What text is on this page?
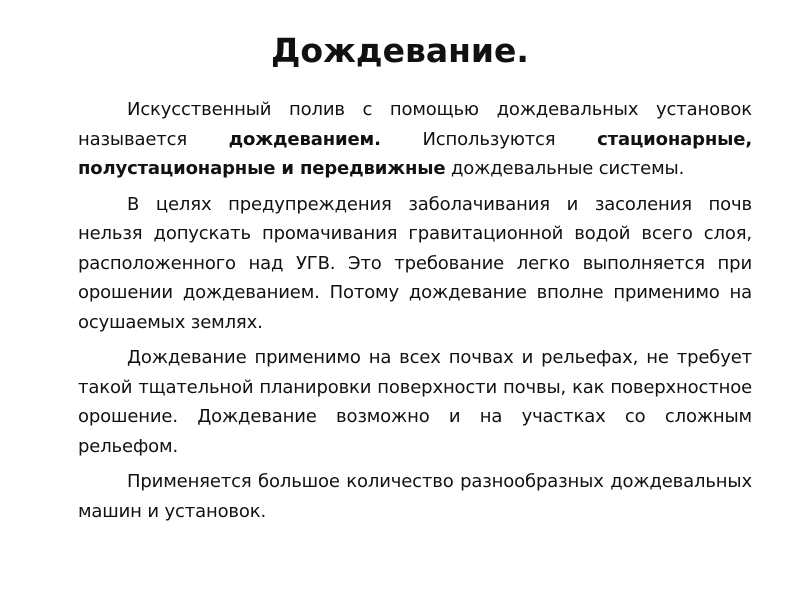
Дождевание.

Искусственный полив с помощью дождевальных установок называется дождеванием. Используются стационарные, полустационарные и передвижные дождевальные системы.

В целях предупреждения заболачивания и засоления почв нельзя допускать промачивания гравитационной водой всего слоя, расположенного над УГВ. Это требование легко выполняется при орошении дождеванием. Потому дождевание вполне применимо на осушаемых землях.

Дождевание применимо на всех почвах и рельефах, не требует такой тщательной планировки поверхности почвы, как поверхностное орошение. Дождевание возможно и на участках со сложным рельефом.

Применяется большое количество разнообразных дождевальных машин и установок.
